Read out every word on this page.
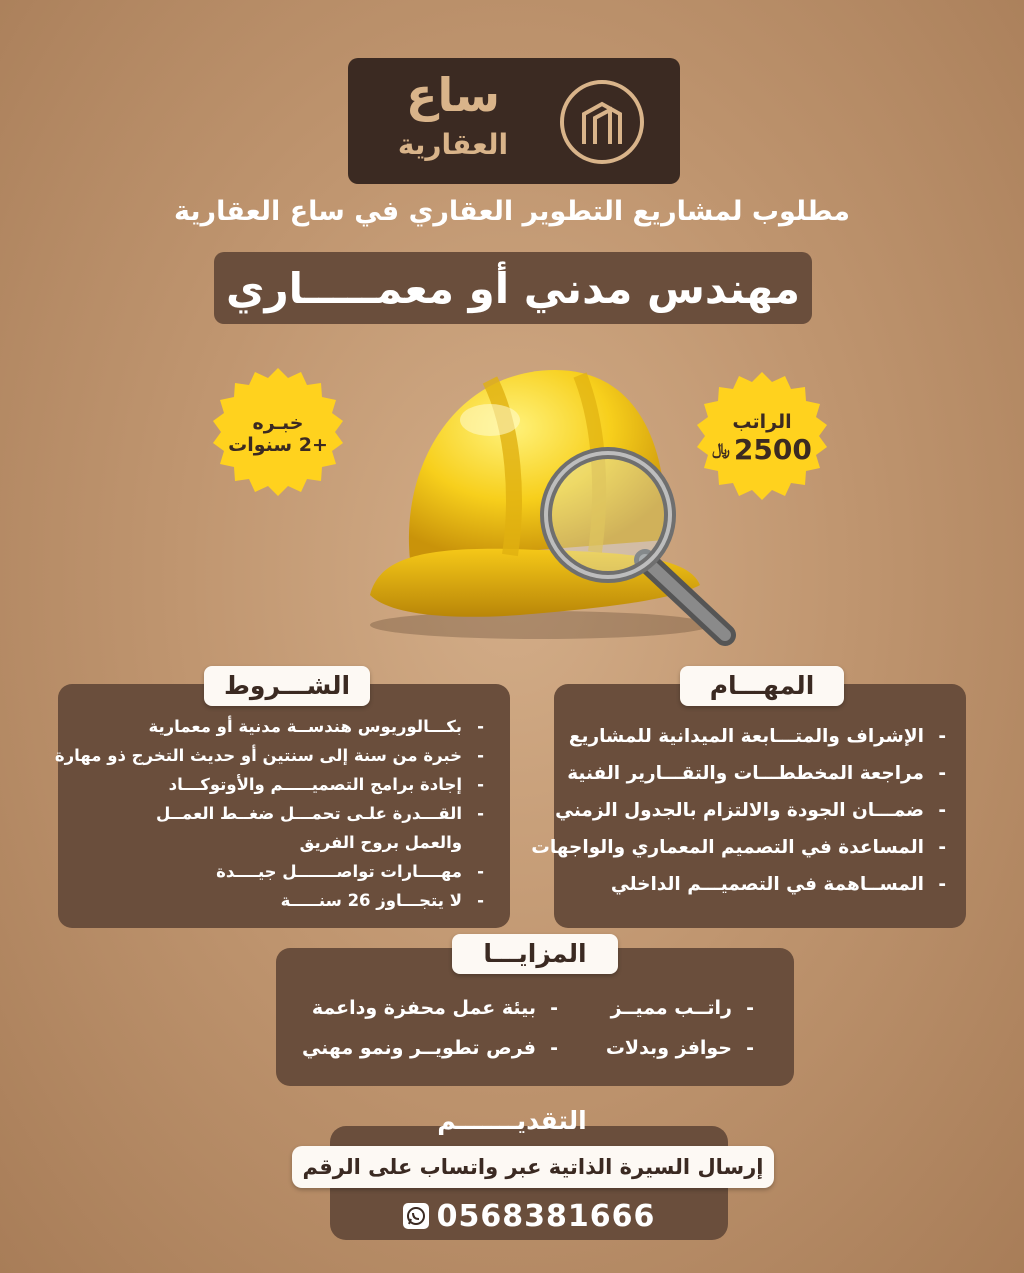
ساع
العقارية
مطلوب لمشاريع التطوير العقاري في ساع العقارية
مهندس مدني أو معمـــــاري
خبـره
+2 سنوات
الراتب
﷼ 2500
- بكـــالوريوس هندســة مدنية أو معمارية
- خبرة من سنة إلى سنتين أو حديث التخرج ذو مهارة
- إجادة برامج التصميـــــم والأوتوكـــاد
- القـــدرة علـى تحمـــل ضغــط العمــل
والعمل بروح الفريق
- مهــــارات تواصـــــــل جيــــدة
- لا يتجـــاوز 26 سنـــــة
الشـــروط
- الإشراف والمتـــابعة الميدانية للمشاريع
- مراجعة المخططـــات والتقـــارير الفنية
- ضمـــان الجودة والالتزام بالجدول الزمني
- المساعدة في التصميم المعماري والواجهات
- المســاهمة في التصميـــم الداخلي
المهـــام
- راتــب مميــز
- حوافز وبدلات
- بيئة عمل محفزة وداعمة
- فرص تطويــر ونمو مهني
المزايـــا
التقديـــــــم
إرسال السيرة الذاتية عبر واتساب على الرقم
0568381666
